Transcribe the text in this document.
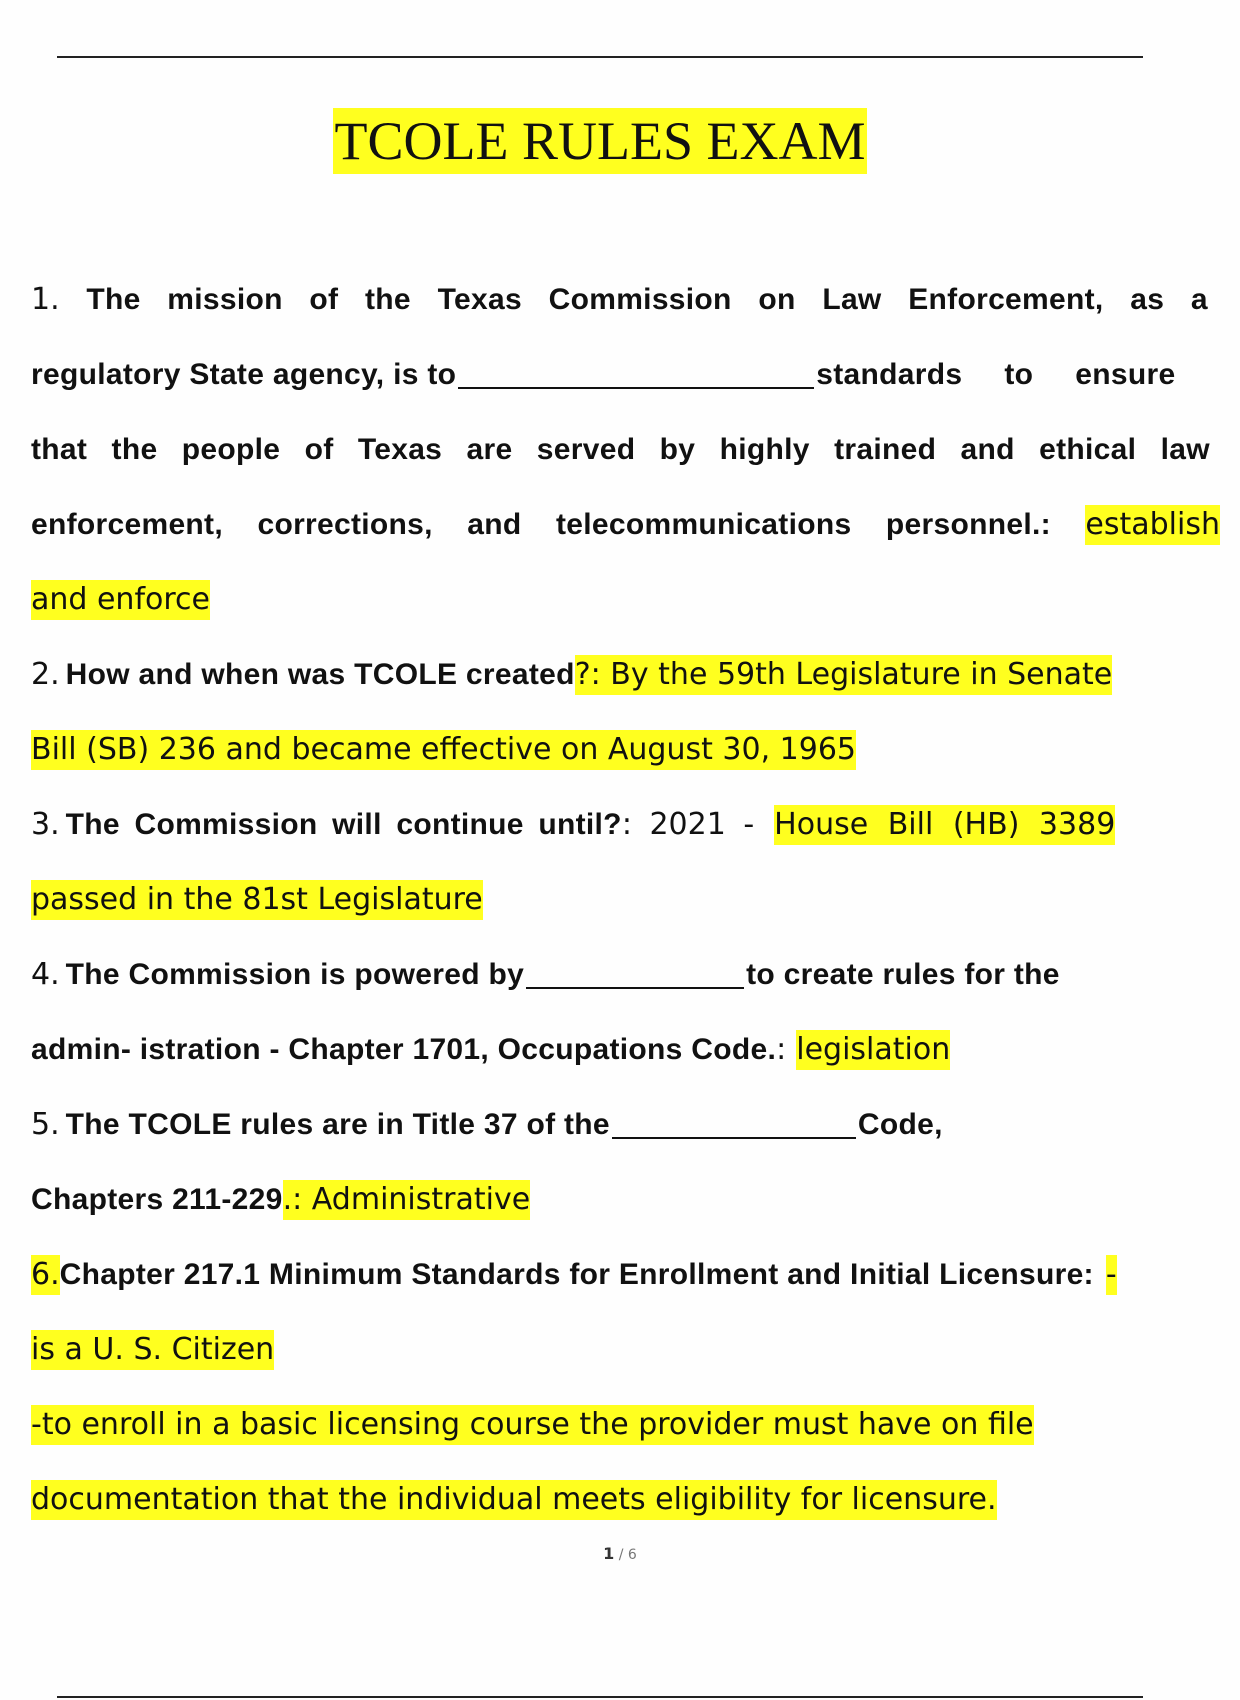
TCOLE RULES EXAM
1. The mission of the Texas Commission on Law Enforcement, as a
regulatory State agency, is to	standards to ensure
that the people of Texas are served by highly trained and ethical law
enforcement, corrections, and telecommunications personnel.: establish
and enforce
2. How and when was TCOLE created ?: By the 59th Legislature in Senate
Bill (SB) 236 and became effective on August 30, 1965
3. The Commission will continue until? : 2021 - House Bill (HB) 3389
passed in the 81st Legislature
4. The Commission is powered by	to create rules for the
admin- istration - Chapter 1701, Occupations Code. : legislation
5. The TCOLE rules are in Title 37 of the	Code,
Chapters 211-229 .: Administrative
6. Chapter 217.1 Minimum Standards for Enrollment and Initial Licensure: -
is a U. S. Citizen
-to enroll in a basic licensing course the provider must have on file
documentation that the individual meets eligibility for licensure.
1 / 6
